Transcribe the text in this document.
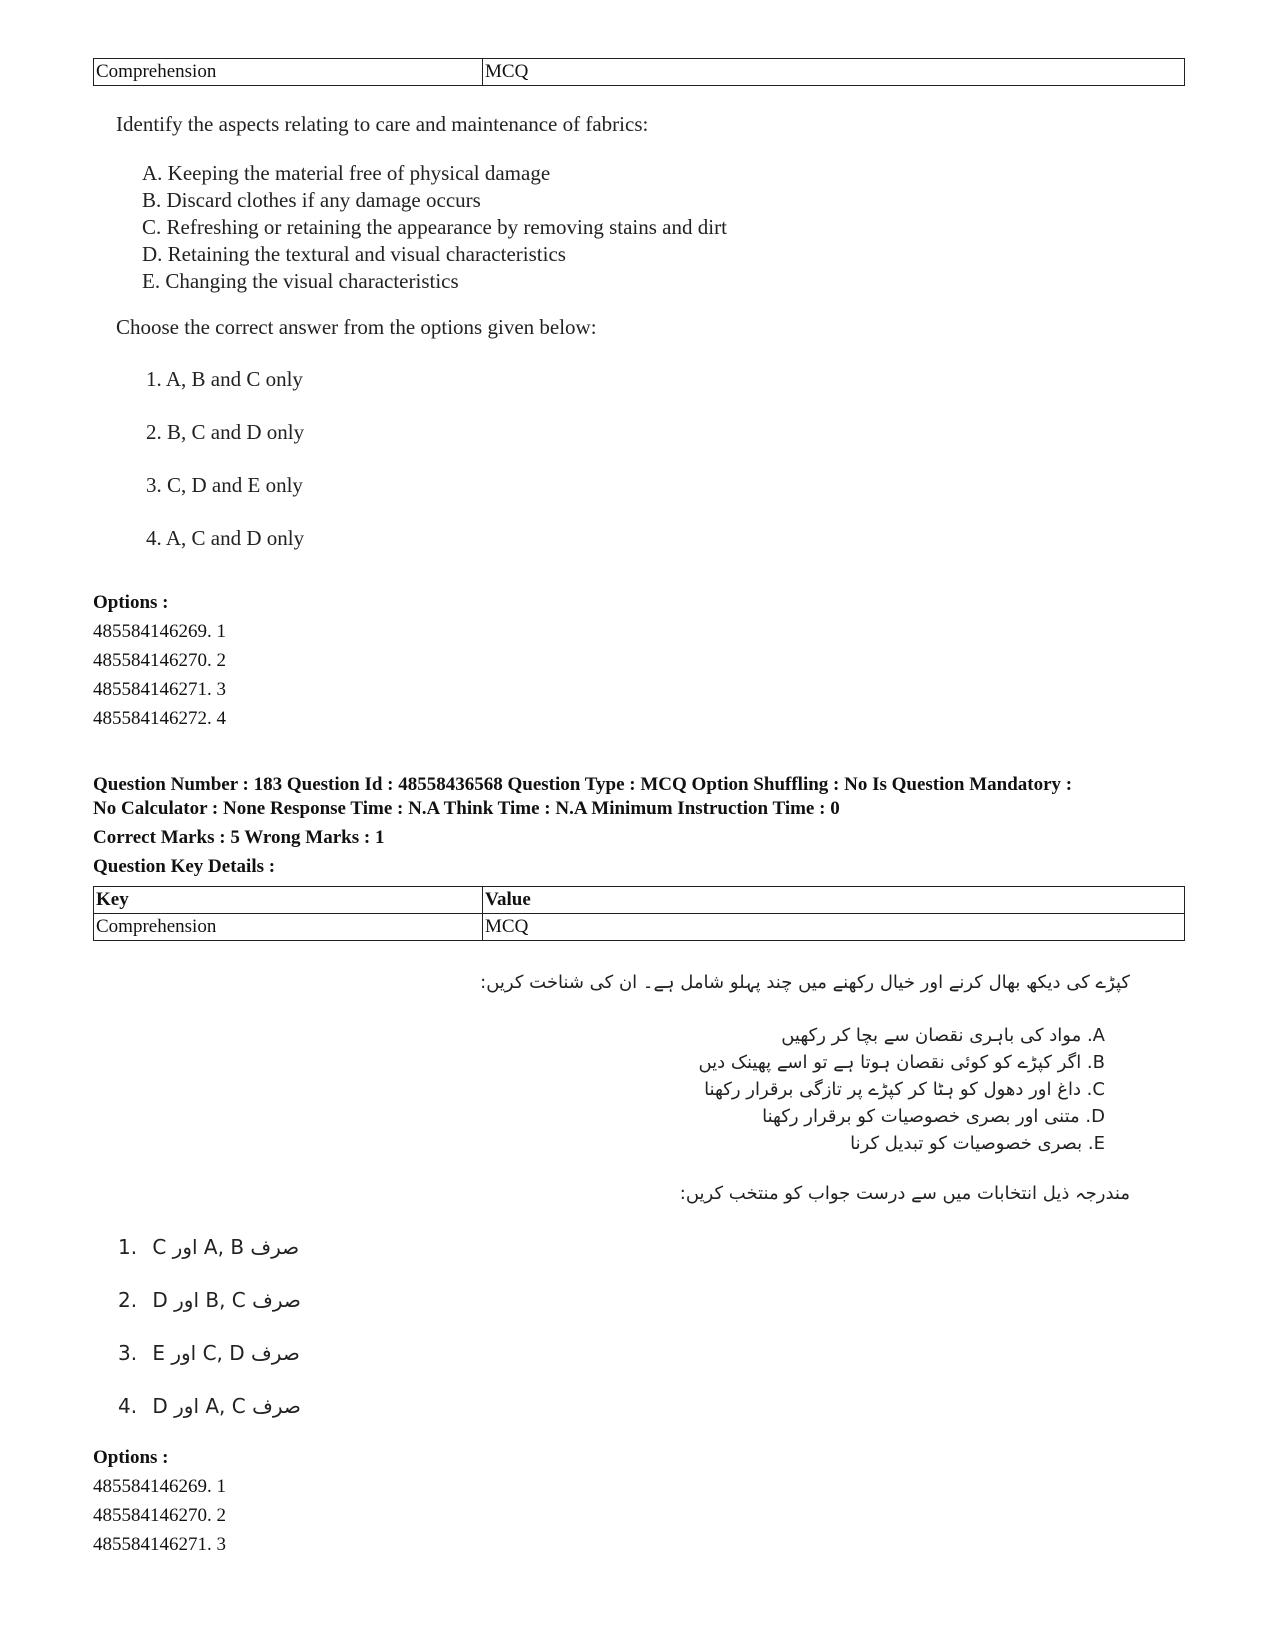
Comprehension	MCQ
Identify the aspects relating to care and maintenance of fabrics:
A. Keeping the material free of physical damage
B. Discard clothes if any damage occurs
C. Refreshing or retaining the appearance by removing stains and dirt
D. Retaining the textural and visual characteristics
E. Changing the visual characteristics
Choose the correct answer from the options given below:
1. A, B and C only
2. B, C and D only
3. C, D and E only
4. A, C and D only
Options :
485584146269. 1
485584146270. 2
485584146271. 3
485584146272. 4
Question Number : 183 Question Id : 48558436568 Question Type : MCQ Option Shuffling : No Is Question Mandatory :
No Calculator : None Response Time : N.A Think Time : N.A Minimum Instruction Time : 0
Correct Marks : 5 Wrong Marks : 1
Question Key Details :
Key	Value
Comprehension	MCQ
کپڑے کی دیکھ بھال کرنے اور خیال رکھنے میں چند پہلو شامل ہے۔ ان کی شناخت کریں:
A. مواد کی باہری نقصان سے بچا کر رکھیں
B. اگر کپڑے کو کوئی نقصان ہوتا ہے تو اسے پھینک دیں
C. داغ اور دھول کو ہٹا کر کپڑے پر تازگی برقرار رکھنا
D. متنی اور بصری خصوصیات کو برقرار رکھنا
E. بصری خصوصیات کو تبدیل کرنا
مندرجہ ذیل انتخابات میں سے درست جواب کو منتخب کریں:
1. صرف A, B اور C
2. صرف B, C اور D
3. صرف C, D اور E
4. صرف A, C اور D
Options :
485584146269. 1
485584146270. 2
485584146271. 3
